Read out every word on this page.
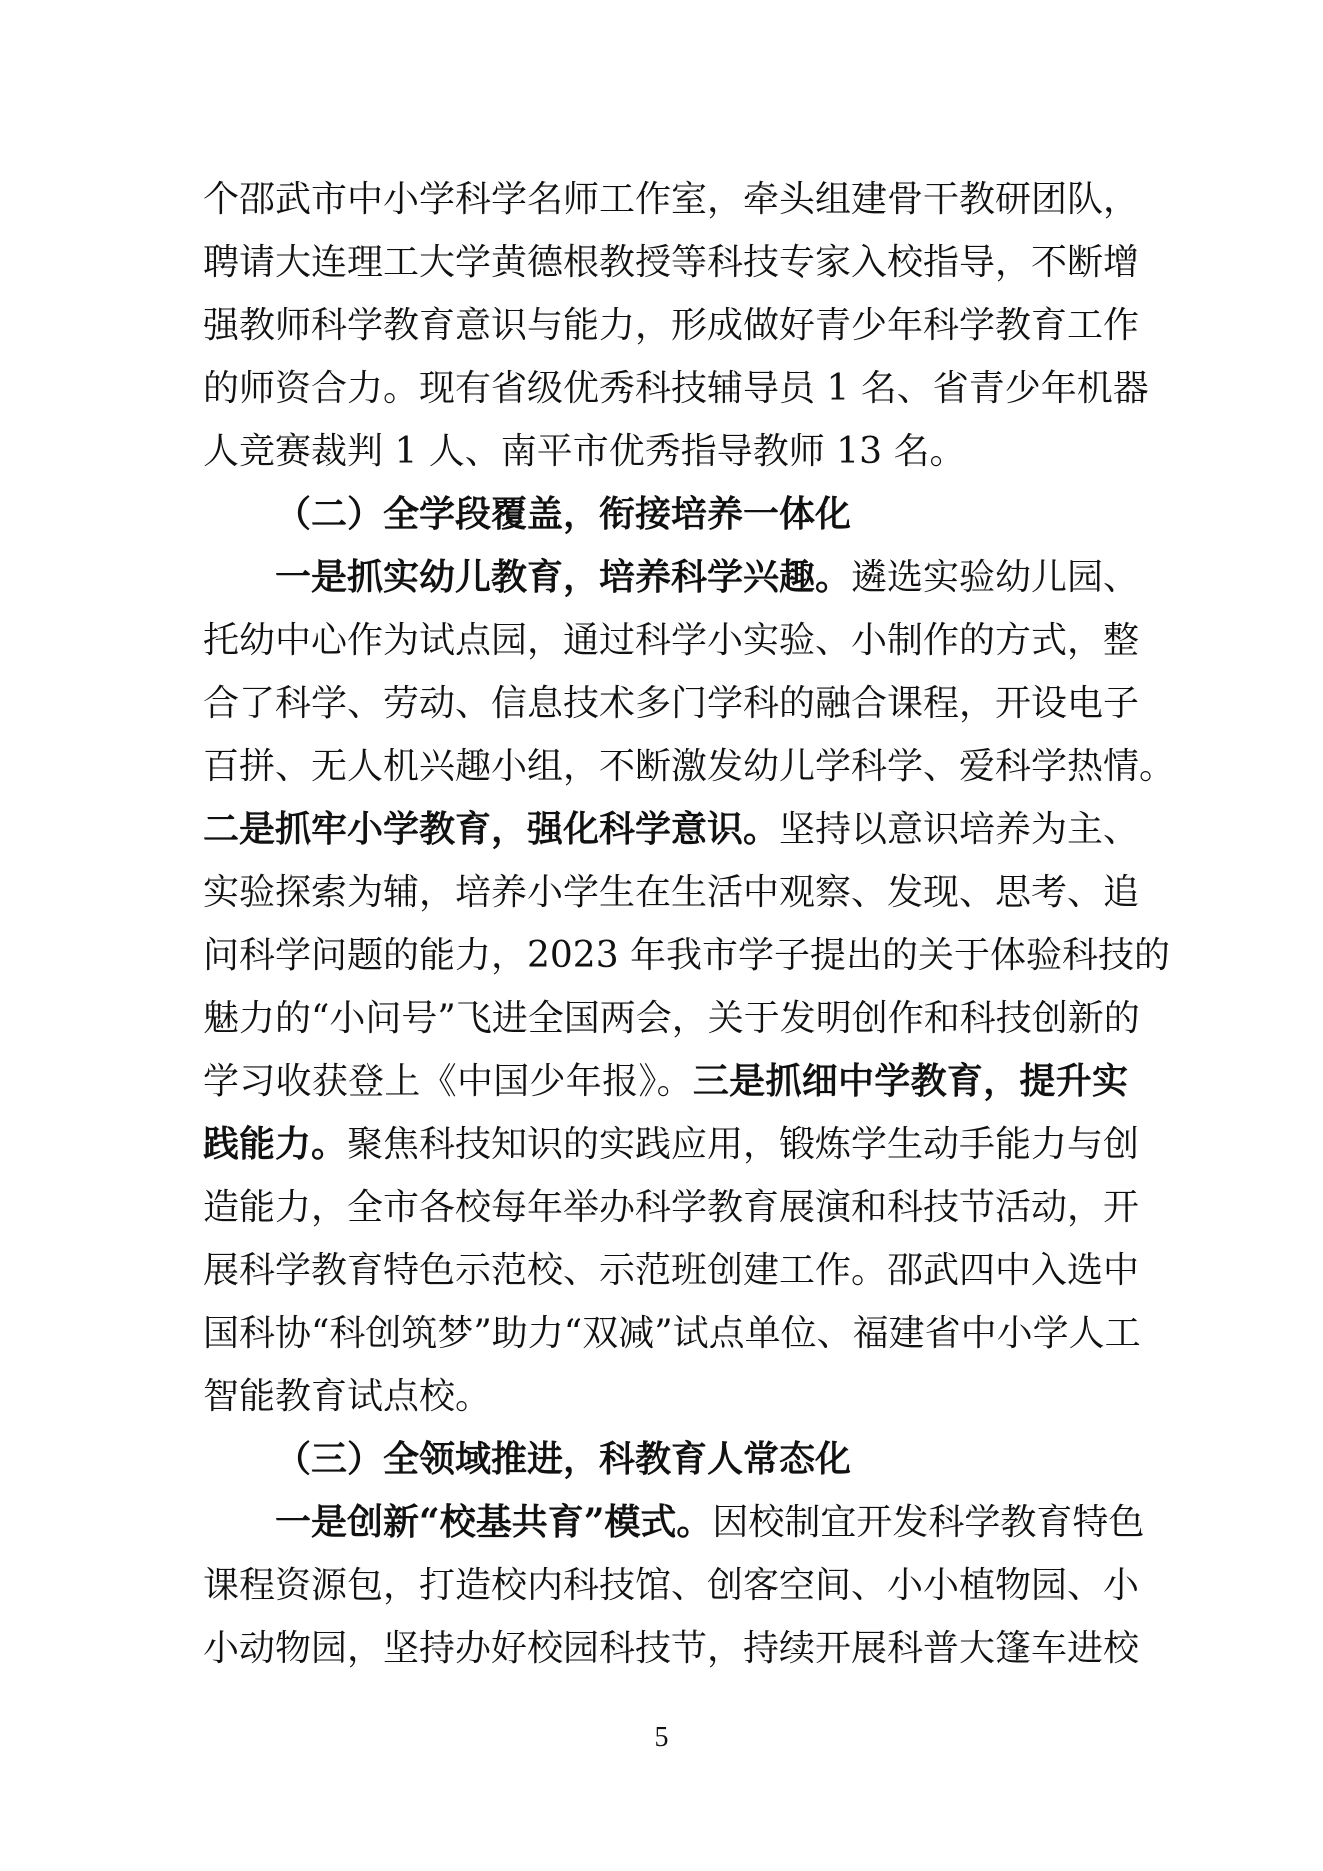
个邵武市中小学科学名师工作室，牵头组建骨干教研团队，
聘请大连理工大学黄德根教授等科技专家入校指导，不断增
强教师科学教育意识与能力，形成做好青少年科学教育工作
的师资合力。现有省级优秀科技辅导员 1 名、省青少年机器
人竞赛裁判 1 人、南平市优秀指导教师 13 名。
（二）全学段覆盖，衔接培养一体化
一是抓实幼儿教育，培养科学兴趣。遴选实验幼儿园、
托幼中心作为试点园，通过科学小实验、小制作的方式，整
合了科学、劳动、信息技术多门学科的融合课程，开设电子
百拼、无人机兴趣小组，不断激发幼儿学科学、爱科学热情。
二是抓牢小学教育，强化科学意识。坚持以意识培养为主、
实验探索为辅，培养小学生在生活中观察、发现、思考、追
问科学问题的能力，2023 年我市学子提出的关于体验科技的
魅力的“小问号”飞进全国两会，关于发明创作和科技创新的
学习收获登上《中国少年报》。三是抓细中学教育，提升实
践能力。聚焦科技知识的实践应用，锻炼学生动手能力与创
造能力，全市各校每年举办科学教育展演和科技节活动，开
展科学教育特色示范校、示范班创建工作。邵武四中入选中
国科协“科创筑梦”助力“双减”试点单位、福建省中小学人工
智能教育试点校。
（三）全领域推进，科教育人常态化
一是创新“校基共育”模式。因校制宜开发科学教育特色
课程资源包，打造校内科技馆、创客空间、小小植物园、小
小动物园，坚持办好校园科技节，持续开展科普大篷车进校
5
